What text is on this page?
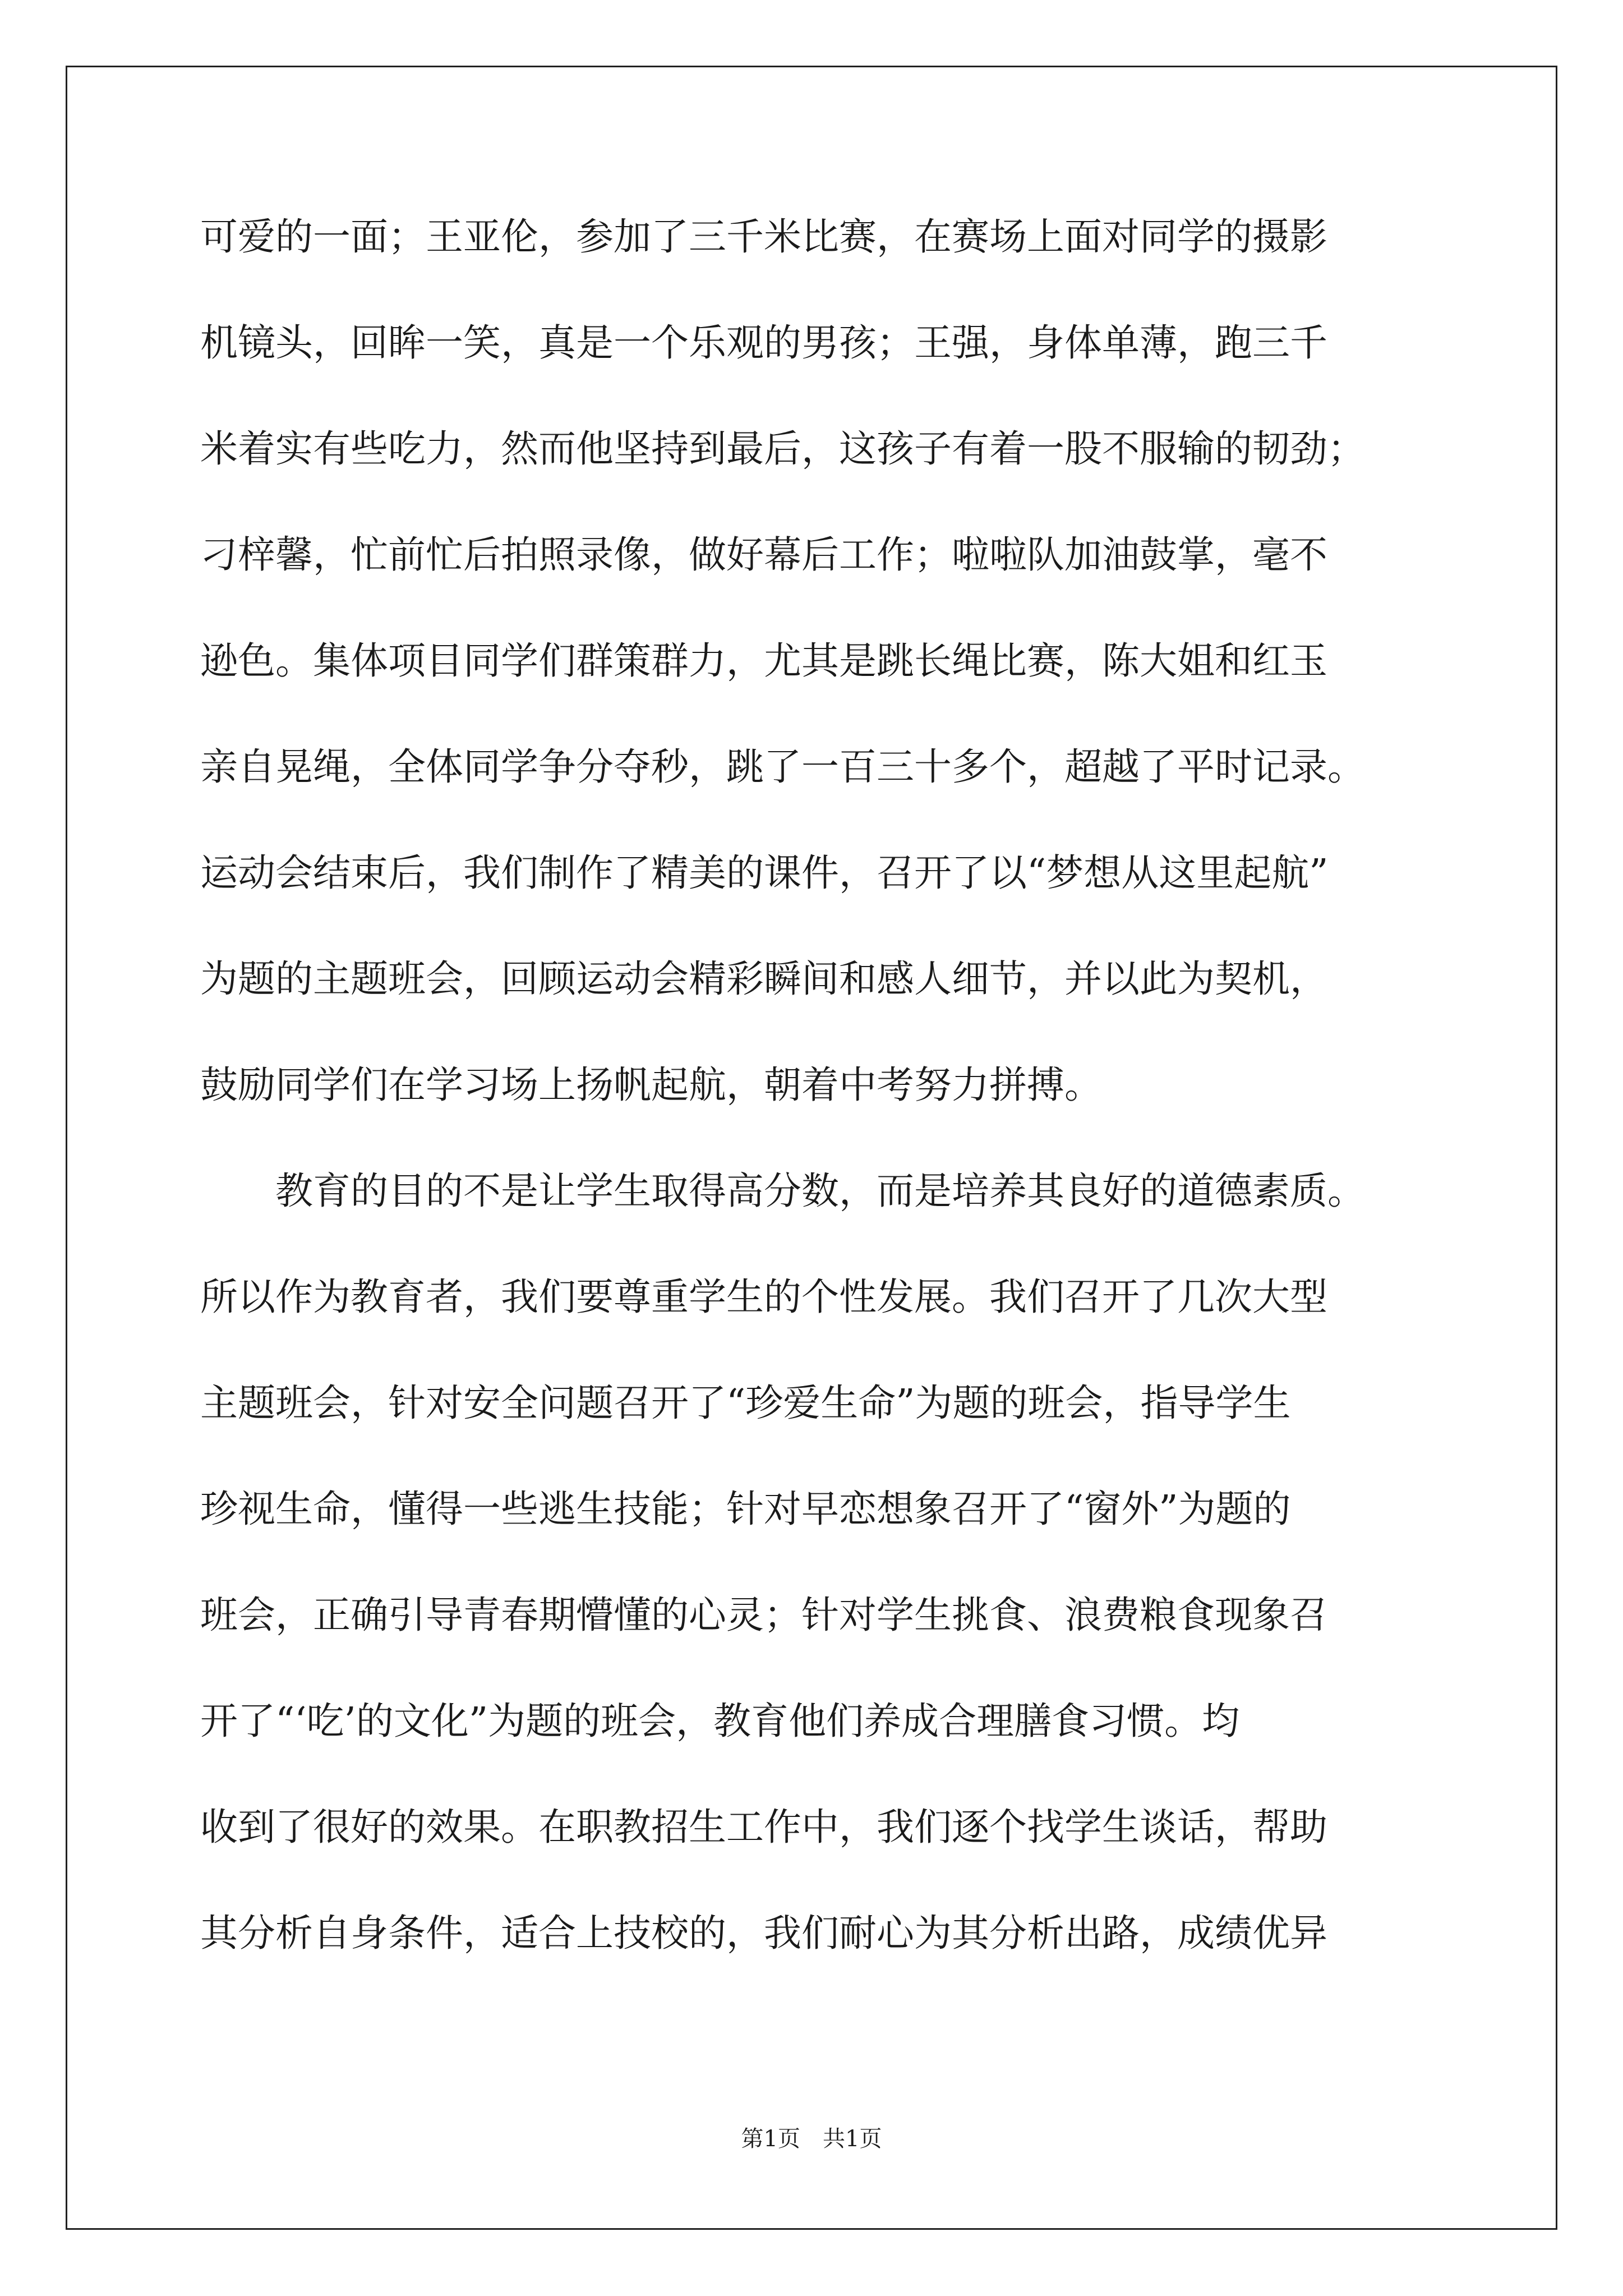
可爱的一面；王亚伦，参加了三千米比赛，在赛场上面对同学的摄影
机镜头，回眸一笑，真是一个乐观的男孩；王强，身体单薄，跑三千
米着实有些吃力，然而他坚持到最后，这孩子有着一股不服输的韧劲；
刁梓馨，忙前忙后拍照录像，做好幕后工作；啦啦队加油鼓掌，毫不
逊色。集体项目同学们群策群力，尤其是跳长绳比赛，陈大姐和红玉
亲自晃绳，全体同学争分夺秒，跳了一百三十多个，超越了平时记录。
运动会结束后，我们制作了精美的课件，召开了以“梦想从这里起航”
为题的主题班会，回顾运动会精彩瞬间和感人细节，并以此为契机，
鼓励同学们在学习场上扬帆起航，朝着中考努力拼搏。
教育的目的不是让学生取得高分数，而是培养其良好的道德素质。
所以作为教育者，我们要尊重学生的个性发展。我们召开了几次大型
主题班会，针对安全问题召开了“珍爱生命”为题的班会，指导学生
珍视生命，懂得一些逃生技能；针对早恋想象召开了“窗外”为题的
班会，正确引导青春期懵懂的心灵；针对学生挑食、浪费粮食现象召
开了“‘吃’的文化”为题的班会，教育他们养成合理膳食习惯。均
收到了很好的效果。在职教招生工作中，我们逐个找学生谈话，帮助
其分析自身条件，适合上技校的，我们耐心为其分析出路，成绩优异
第1页 共1页
